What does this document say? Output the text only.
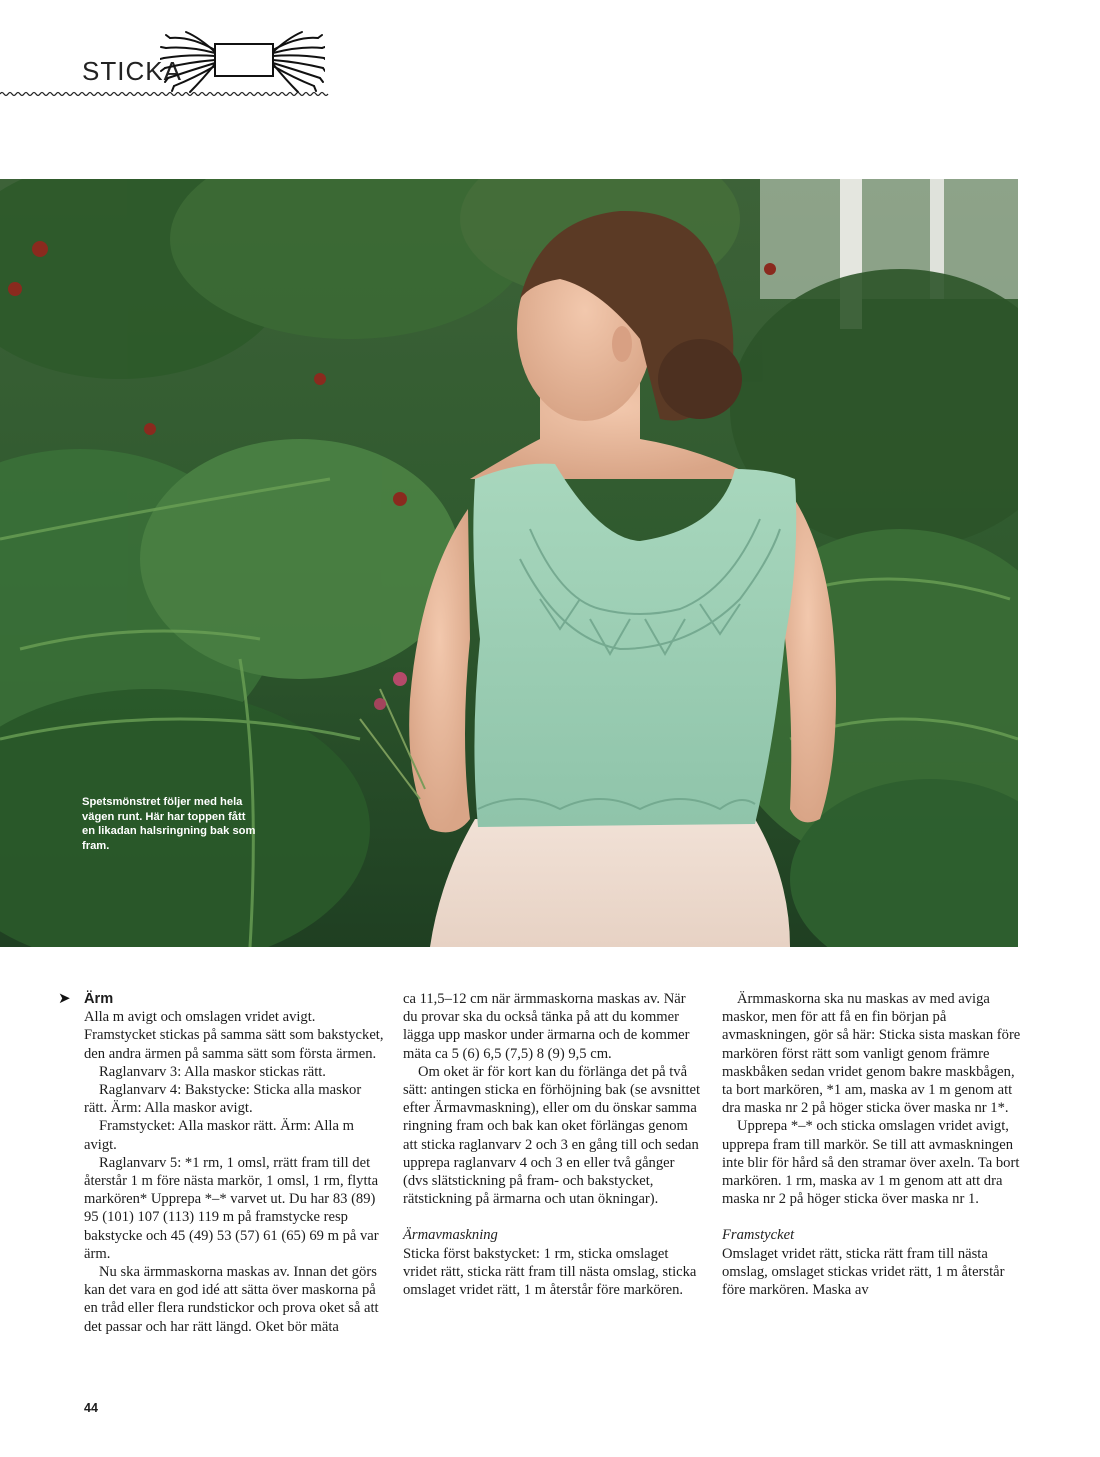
STICKA
Spetsmönstret följer med hela vägen runt. Här har toppen fått en likadan halsringning bak som fram.
➤ Ärm

Alla m avigt och omslagen vridet avigt. Framstycket stickas på samma sätt som bakstycket, den andra ärmen på samma sätt som första ärmen.

Raglanvarv 3: Alla maskor stickas rätt.

Raglanvarv 4: Bakstycke: Sticka alla maskor rätt. Ärm: Alla maskor avigt.

Framstycket: Alla maskor rätt. Ärm: Alla m avigt.

Raglanvarv 5: *1 rm, 1 omsl, rrätt fram till det återstår 1 m före nästa markör, 1 omsl, 1 rm, flytta markören* Upprepa *–* varvet ut. Du har 83 (89) 95 (101) 107 (113) 119 m på framstycke resp bakstycke och 45 (49) 53 (57) 61 (65) 69 m på var ärm.

Nu ska ärmmaskorna maskas av. Innan det görs kan det vara en god idé att sätta över maskorna på en tråd eller flera rundstickor och prova oket så att det passar och har rätt längd. Oket bör mäta

ca 11,5–12 cm när ärmmaskorna maskas av. När du provar ska du också tänka på att du kommer lägga upp maskor under ärmarna och de kommer mäta ca 5 (6) 6,5 (7,5) 8 (9) 9,5 cm.

Om oket är för kort kan du förlänga det på två sätt: antingen sticka en förhöjning bak (se avsnittet efter Ärmavmaskning), eller om du önskar samma ringning fram och bak kan oket förlängas genom att sticka raglanvarv 2 och 3 en gång till och sedan upprepa raglanvarv 4 och 3 en eller två gånger (dvs slätstickning på fram- och bakstycket, rätstickning på ärmarna och utan ökningar).

Ärmavmaskning

Sticka först bakstycket: 1 rm, sticka omslaget vridet rätt, sticka rätt fram till nästa omslag, sticka omslaget vridet rätt, 1 m återstår före markören.

Ärmmaskorna ska nu maskas av med aviga maskor, men för att få en fin början på avmaskningen, gör så här: Sticka sista maskan före markören först rätt som vanligt genom främre maskbåken sedan vridet genom bakre maskbågen, ta bort markören, *1 am, maska av 1 m genom att dra maska nr 2 på höger sticka över maska nr 1*.

Upprepa *–* och sticka omslagen vridet avigt, upprepa fram till markör. Se till att avmaskningen inte blir för hård så den stramar över axeln. Ta bort markören. 1 rm, maska av 1 m genom att att dra maska nr 2 på höger sticka över maska nr 1.

Framstycket

Omslaget vridet rätt, sticka rätt fram till nästa omslag, omslaget stickas vridet rätt, 1 m återstår före markören. Maska av

44
